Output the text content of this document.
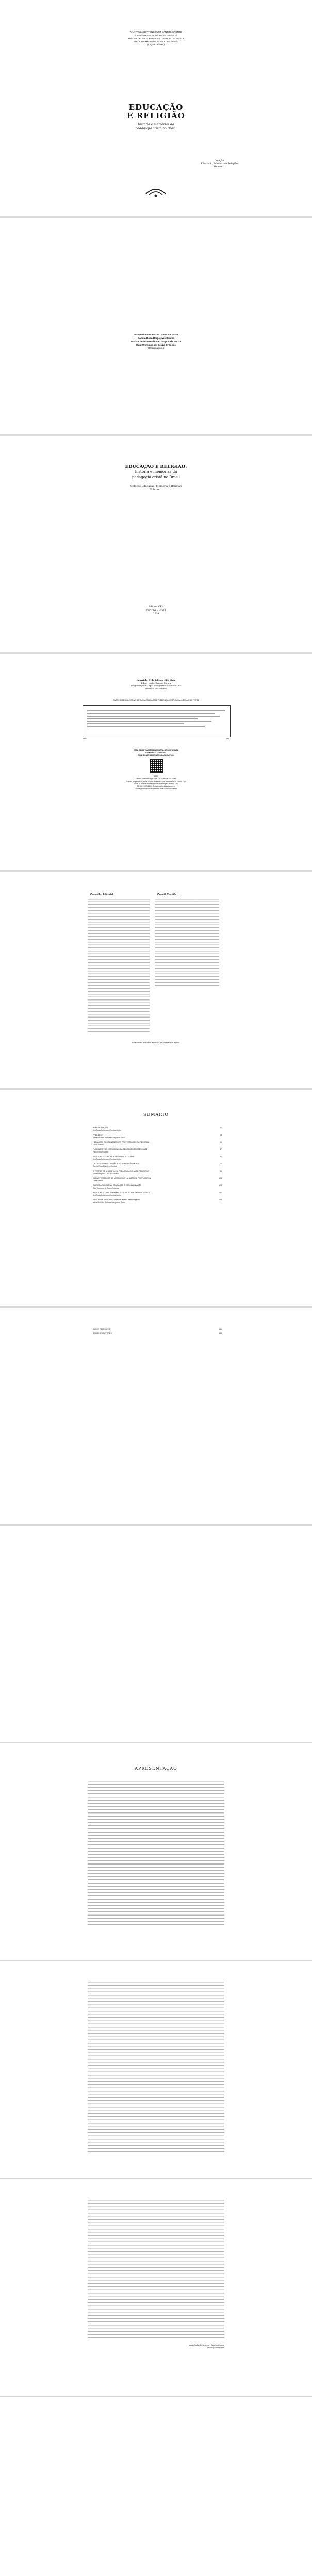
ANA PAULA BETTENCOURT SANTOS CASTRO
CAMILA ROSA BLAGOJEVIC SANTOS
MARIA CLEONICE BARBOSA CAMPOS DE SOUZA
RAUL WOMMAN DE SOUZA ORDONES
(Organizadores)
EDUCAÇÃO
E RELIGIÃO
história e memórias da
pedagogia cristã no Brasil
Coleção
Educação, Memória e Religião
Volume 1
Ana Paula Bettencourt Santos Castro
Camila Rosa Blagojevic Santos
Maria Cleonice Barbosa Campos de Souza
Raul Womman de Souza Ordones
(Organizadores)
EDUCAÇÃO E RELIGIÃO:
história e memórias da
pedagogia cristã no Brasil
Coleção Educação, Memória e Religião
Volume 1
Editora CRV
Curitiba – Brasil
2020
Copyright © da Editora CRV Ltda.
Editor-chefe: Railson Moura
Diagramação e Capa: Designers da Editora CRV
Revisão: Os Autores
DADOS INTERNACIONAIS DE CATALOGAÇÃO NA PUBLICAÇÃO (CIP) CATALOGAÇÃO NA FONTE
ISBN	DOI
ESTA OBRA TAMBÉM ENCONTRA-SE DISPONÍVEL
EM FORMATO DIGITAL.
CONHEÇA E BAIXE NOSSO APLICATIVO!
2020
Foi feito o depósito legal conf. Lei 10.994 de 14/12/2004
Proibida a reprodução parcial ou total desta obra sem autorização da Editora CRV
Todos os direitos desta edição reservados pela: Editora CRV
Tel.: (41) 3039-6418 - E-mail: sac@editoracrv.com.br
Conheça os nossos lançamentos: www.editoracrv.com.br
Conselho Editorial:	Comitê Científico:
Este livro foi avaliado e aprovado por pareceristas ad hoc.
SUMÁRIO
APRESENTAÇÃO	11
Ana Paula Bettencourt Santos Castro
PREFÁCIO	15
Maria Cleonice Barbosa Campos de Souza
HERANÇAS DOS PENSADORES PROTESTANTES DA REFORMA	19
Dílson Roberto
FUNDAMENTOS E MEMÓRIAS DA EDUCAÇÃO PROTESTANTE	37
Paulo Roque Santos
A EDUCAÇÃO CATÓLICA NO BRASIL COLONIAL	51
Ana Paula Bettencourt Santos Castro
OS CATECISMOS CRISTÃOS E A FORMAÇÃO MORAL	71
Camila Rosa Blagojevic Santos
O TEATRO DE ANCHIETA E A PEDAGOGIA DO AUTO RELIGIOSO	89
Maria Margarida Lima de Carvalho
CARACTERÍSTICAS DO METODISMO NA AMÉRICA PORTUGUESA	105
Laura Valente
CULTURA RELIGIOSA, EDUCAÇÃO E ESCOLARIZAÇÃO	125
Raul Womman de Souza Ordones
A EDUCAÇÃO NAS SEMINÁRIOS CATÓLICOS E PROTESTANTES	141
Ana Paula Bettencourt Santos Castro
HISTÓRIA E MEMÓRIA: aspectos teórico-metodológicos	163
Maria Cleonice Barbosa Campos de Souza
ÍNDICE REMISSIVO	181
SOBRE OS AUTORES	185
APRESENTAÇÃO
Ana Paula Bettencourt Santos Castro
Os Organizadores
